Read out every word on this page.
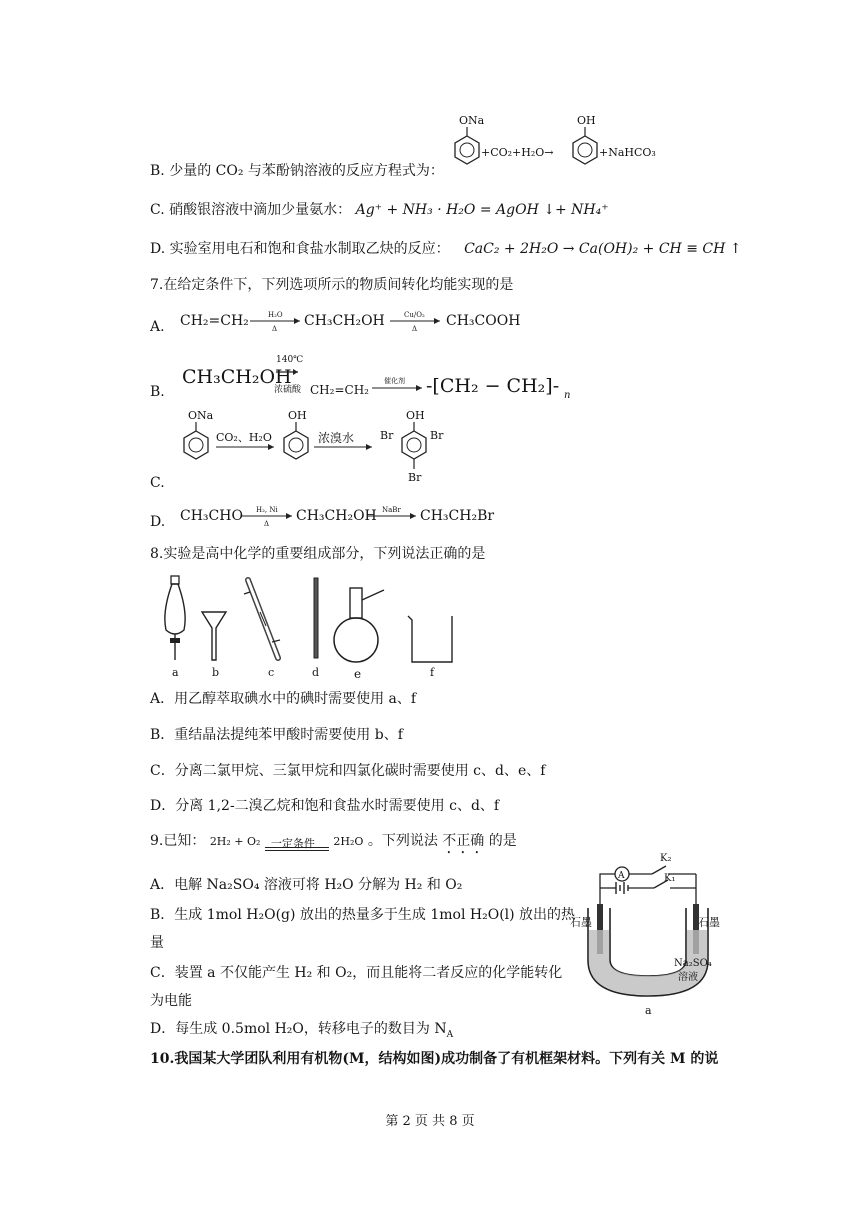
B. 少量的 CO₂ 与苯酚钠溶液的反应方程式为：
ONa
+CO₂+H₂O→
OH
+NaHCO₃
C. 硝酸银溶液中滴加少量氨水： Ag⁺ + NH₃ · H₂O = AgOH ↓+ NH₄⁺
D. 实验室用电石和饱和食盐水制取乙炔的反应： CaC₂ + 2H₂O → Ca(OH)₂ + CH ≡ CH ↑
7.在给定条件下，下列选项所示的物质间转化均能实现的是
A. CH₂=CH₂	H₂O
Δ CH₃CH₂OH	Cu/O₂
Δ CH₃COOH
B.
CH₃CH₂OH
140℃
浓硫酸 CH₂=CH₂
催化剂 -[CH₂ − CH₂]- n
C.
ONa
CO₂、H₂O
OH
浓溴水
OH
Br	Br
Br
D. CH₃CHO H₂, Ni
Δ CH₃CH₂OH NaBr CH₃CH₂Br
8.实验是高中化学的重要组成部分，下列说法正确的是
a	b	c	d	e	f
A．用乙醇萃取碘水中的碘时需要使用 a、f
B．重结晶法提纯苯甲酸时需要使用 b、f
C．分离二氯甲烷、三氯甲烷和四氯化碳时需要使用 c、d、e、f
D．分离 1,2-二溴乙烷和饱和食盐水时需要使用 c、d、f
9.已知： 2H₂ + O₂ 一定条件 2H₂O 。下列说法 不正确 的是
A．电解 Na₂SO₄ 溶液可将 H₂O 分解为 H₂ 和 O₂
B．生成 1mol H₂O(g) 放出的热量多于生成 1mol H₂O(l) 放出的热
量
C．装置 a 不仅能产生 H₂ 和 O₂，而且能将二者反应的化学能转化
为电能
D．每生成 0.5mol H₂O，转移电子的数目为 $N_A$
A
K₂
K₁
石墨	石墨
Na₂SO₄
溶液
a
10.我国某大学团队利用有机物(M，结构如图)成功制备了有机框架材料。下列有关 M 的说
第 2 页 共 8 页
